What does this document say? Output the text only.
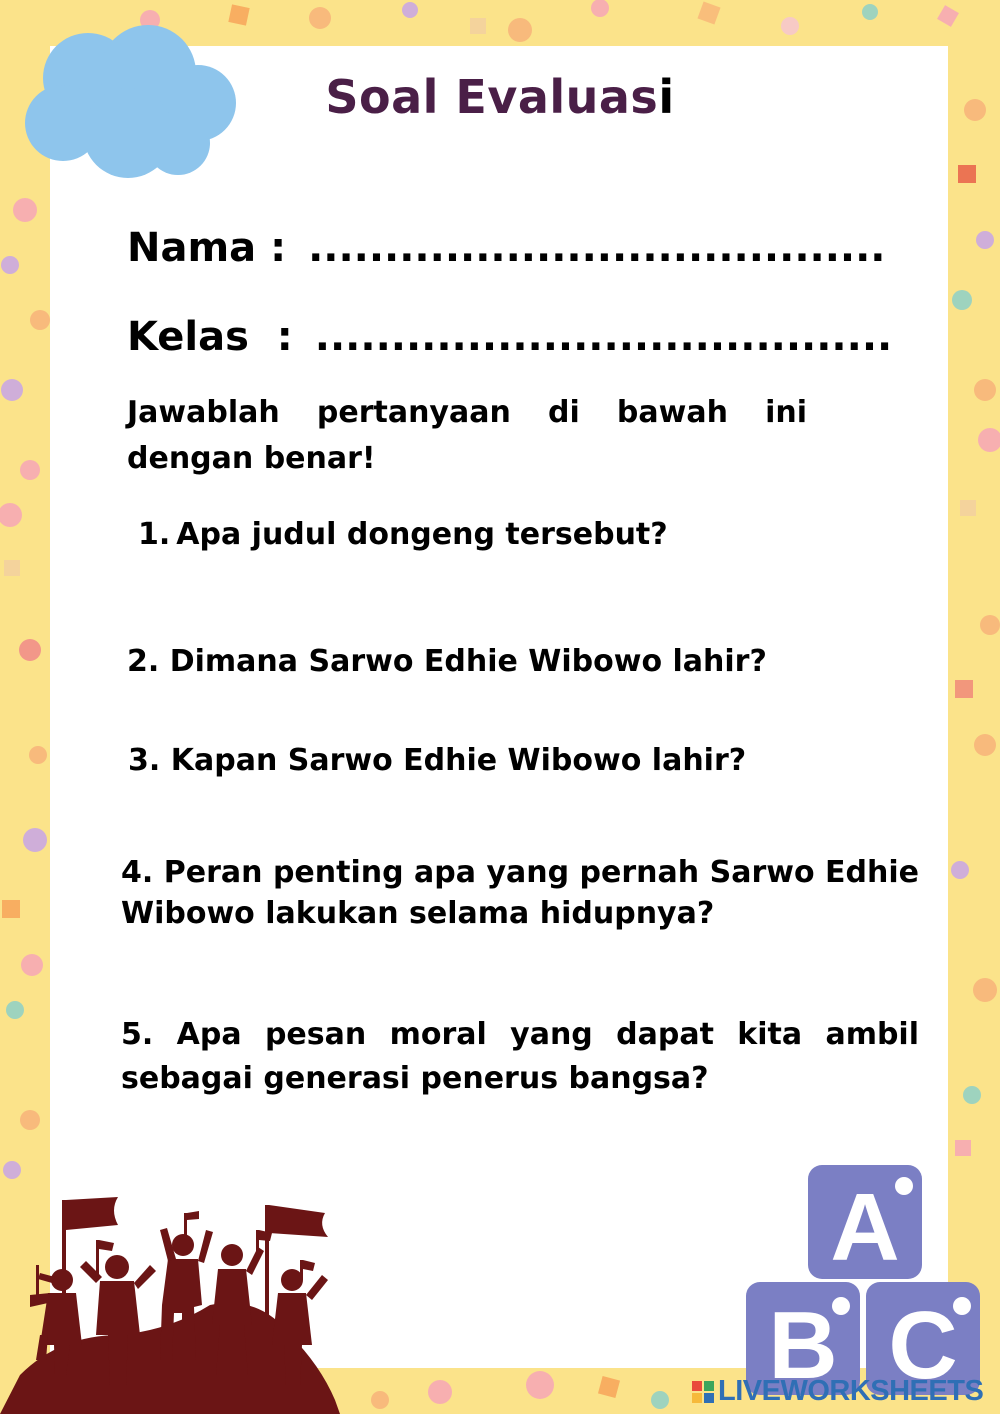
Soal Evaluasi
Nama : ......................................
Kelas  : ......................................

Jawablah pertanyaan di bawah ini dengan benar!

1. Apa judul dongeng tersebut?
2. Dimana Sarwo Edhie Wibowo lahir?
3. Kapan Sarwo Edhie Wibowo lahir?
4. Peran penting apa yang pernah Sarwo Edhie Wibowo lakukan selama hidupnya?
5. Apa pesan moral yang dapat kita ambil sebagai generasi penerus bangsa?
A
B C
LIVEWORKSHEETS
